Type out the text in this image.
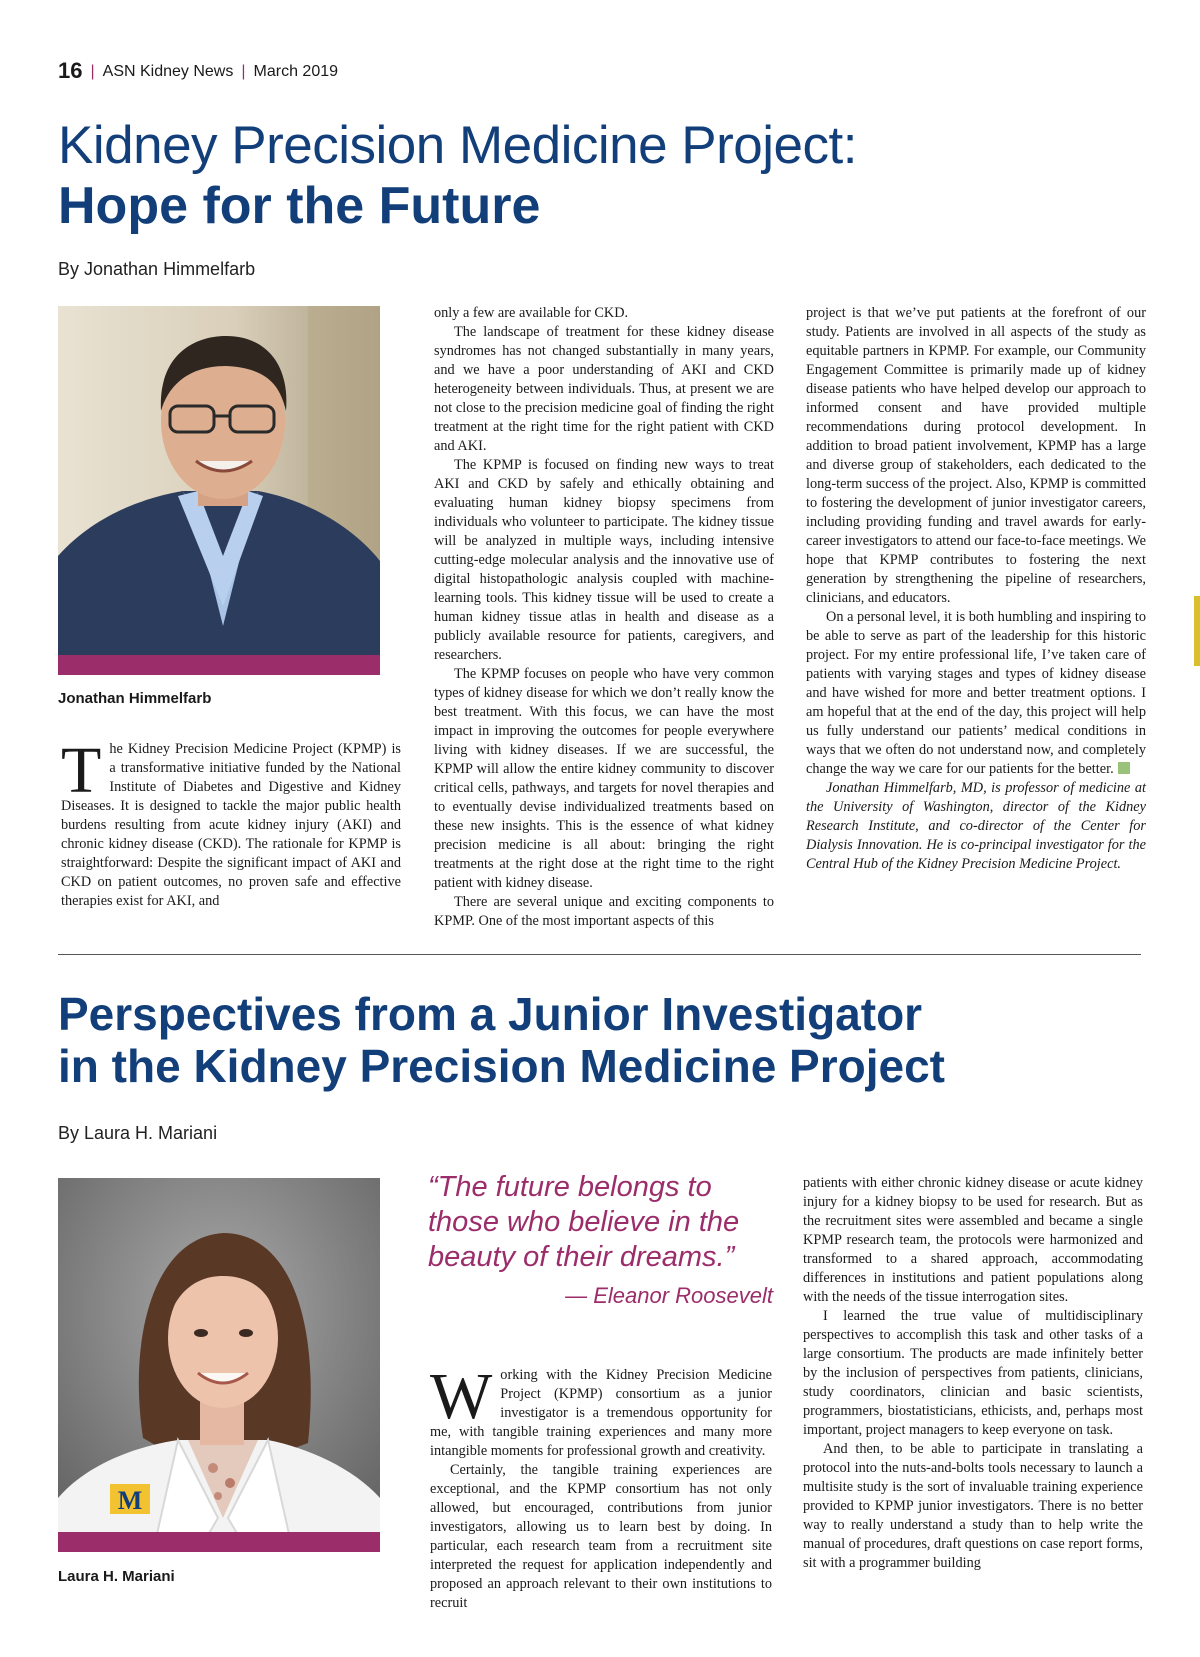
16 | ASN Kidney News | March 2019
Kidney Precision Medicine Project:
Hope for the Future
By Jonathan Himmelfarb
Jonathan Himmelfarb

The Kidney Precision Medicine Project (KPMP) is a transformative initiative funded by the National Institute of Diabetes and Digestive and Kidney Diseases. It is designed to tackle the major public health burdens resulting from acute kidney injury (AKI) and chronic kidney disease (CKD). The rationale for KPMP is straightforward: Despite the significant impact of AKI and CKD on patient outcomes, no proven safe and effective therapies exist for AKI, and

only a few are available for CKD.

The landscape of treatment for these kidney disease syndromes has not changed substantially in many years, and we have a poor understanding of AKI and CKD heterogeneity between individuals. Thus, at present we are not close to the precision medicine goal of finding the right treatment at the right time for the right patient with CKD and AKI.

The KPMP is focused on finding new ways to treat AKI and CKD by safely and ethically obtaining and evaluating human kidney biopsy specimens from individuals who volunteer to participate. The kidney tissue will be analyzed in multiple ways, including intensive cutting-edge molecular analysis and the innovative use of digital histopathologic analysis coupled with machine-learning tools. This kidney tissue will be used to create a human kidney tissue atlas in health and disease as a publicly available resource for patients, caregivers, and researchers.

The KPMP focuses on people who have very common types of kidney disease for which we don’t really know the best treatment. With this focus, we can have the most impact in improving the outcomes for people everywhere living with kidney diseases. If we are successful, the KPMP will allow the entire kidney community to discover critical cells, pathways, and targets for novel therapies and to eventually devise individualized treatments based on these new insights. This is the essence of what kidney precision medicine is all about: bringing the right treatments at the right dose at the right time to the right patient with kidney disease.

There are several unique and exciting components to KPMP. One of the most important aspects of this

project is that we’ve put patients at the forefront of our study. Patients are involved in all aspects of the study as equitable partners in KPMP. For example, our Community Engagement Committee is primarily made up of kidney disease patients who have helped develop our approach to informed consent and have provided multiple recommendations during protocol development. In addition to broad patient involvement, KPMP has a large and diverse group of stakeholders, each dedicated to the long-term success of the project. Also, KPMP is committed to fostering the development of junior investigator careers, including providing funding and travel awards for early-career investigators to attend our face-to-face meetings. We hope that KPMP contributes to fostering the next generation by strengthening the pipeline of researchers, clinicians, and educators.

On a personal level, it is both humbling and inspiring to be able to serve as part of the leadership for this historic project. For my entire professional life, I’ve taken care of patients with varying stages and types of kidney disease and have wished for more and better treatment options. I am hopeful that at the end of the day, this project will help us fully understand our patients’ medical conditions in ways that we often do not understand now, and completely change the way we care for our patients for the better.

Jonathan Himmelfarb, MD, is professor of medicine at the University of Washington, director of the Kidney Research Institute, and co-director of the Center for Dialysis Innovation. He is co-principal investigator for the Central Hub of the Kidney Precision Medicine Project.

Perspectives from a Junior Investigator
in the Kidney Precision Medicine Project
By Laura H. Mariani
M
Laura H. Mariani
“The future belongs to those who believe in the beauty of their dreams.”
— Eleanor Roosevelt

Working with the Kidney Precision Medicine Project (KPMP) consortium as a junior investigator is a tremendous opportunity for me, with tangible training experiences and many more intangible moments for professional growth and creativity.

Certainly, the tangible training experiences are exceptional, and the KPMP consortium has not only allowed, but encouraged, contributions from junior investigators, allowing us to learn best by doing. In particular, each research team from a recruitment site interpreted the request for application independently and proposed an approach relevant to their own institutions to recruit

patients with either chronic kidney disease or acute kidney injury for a kidney biopsy to be used for research. But as the recruitment sites were assembled and became a single KPMP research team, the protocols were harmonized and transformed to a shared approach, accommodating differences in institutions and patient populations along with the needs of the tissue interrogation sites.

I learned the true value of multidisciplinary perspectives to accomplish this task and other tasks of a large consortium. The products are made infinitely better by the inclusion of perspectives from patients, clinicians, study coordinators, clinician and basic scientists, programmers, biostatisticians, ethicists, and, perhaps most important, project managers to keep everyone on task.

And then, to be able to participate in translating a protocol into the nuts-and-bolts tools necessary to launch a multisite study is the sort of invaluable training experience provided to KPMP junior investigators. There is no better way to really understand a study than to help write the manual of procedures, draft questions on case report forms, sit with a programmer building
